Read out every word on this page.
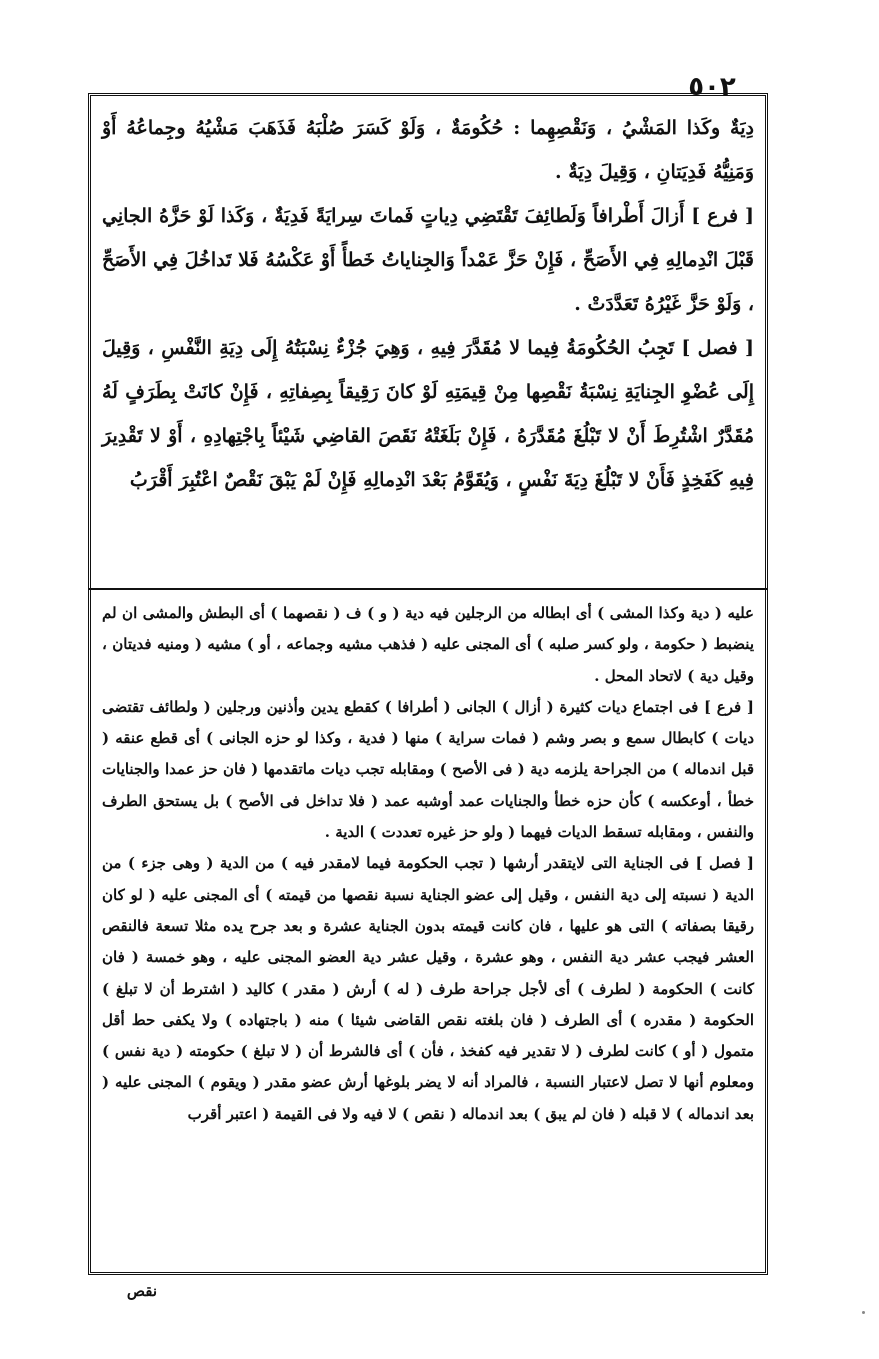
٥٠٢

دِيَةٌ وكَذا المَشْيُ ، وَنَقْصِهِما : حُكُومَةٌ ، وَلَوْ كَسَرَ صُلْبَهُ فَذَهَبَ مَشْيُهُ وجِماعُهُ أَوْ وَمَنِيُّهُ فَدِيَتانِ ، وَقِيلَ دِيَةٌ .

[ فرع ] أَزالَ أَطْرافاً وَلَطائِفَ تَقْتَضِي دِياتٍ فَماتَ سِرايَةً فَدِيَةٌ ، وَكَذا لَوْ حَزَّهُ الجانِي قَبْلَ انْدِمالِهِ فِي الأَصَحِّ ، فَإِنْ حَزَّ عَمْداً وَالجِناياتُ خَطأً أَوْ عَكْسُهُ فَلا تَداخُلَ فِي الأَصَحِّ ، وَلَوْ حَزَّ غَيْرُهُ تَعَدَّدَتْ .

[ فصل ] تَجِبُ الحُكُومَةُ فِيما لا مُقَدَّرَ فِيهِ ، وَهِيَ جُزْءٌ نِسْبَتُهُ إِلَى دِيَةِ النَّفْسِ ، وَقِيلَ إِلَى عُضْوِ الجِنايَةِ نِسْبَةُ نَقْصِها مِنْ قِيمَتِهِ لَوْ كانَ رَقِيقاً بِصِفاتِهِ ، فَإِنْ كانَتْ بِطَرَفٍ لَهُ مُقَدَّرٌ اشْتُرِطَ أَنْ لا تَبْلُغَ مُقَدَّرَهُ ، فَإِنْ بَلَغَتْهُ نَقَصَ القاضِي شَيْئاً بِاجْتِهادِهِ ، أَوْ لا تَقْدِيرَ فِيهِ كَفَخِذٍ فَأَنْ لا تَبْلُغَ دِيَةَ نَفْسٍ ، وَيُقَوَّمُ بَعْدَ انْدِمالِهِ فَإِنْ لَمْ يَبْقَ نَقْصٌ اعْتُبِرَ أَقْرَبُ

عليه ( دية وكذا المشى ) أى ابطاله من الرجلين فيه دية ( و ) ف ( نقصهما ) أى البطش والمشى ان لم ينضبط ( حكومة ، ولو كسر صلبه ) أى المجنى عليه ( فذهب مشيه وجماعه ، أو ) مشيه ( ومنيه فديتان ، وقيل دية ) لاتحاد المحل .

[ فرع ] فى اجتماع ديات كثيرة ( أزال ) الجانى ( أطرافا ) كقطع يدين وأذنين ورجلين ( ولطائف تقتضى ديات ) كابطال سمع و بصر وشم ( فمات سراية ) منها ( فدية ، وكذا لو حزه الجانى ) أى قطع عنقه ( قبل اندماله ) من الجراحة يلزمه دية ( فى الأصح ) ومقابله تجب ديات ماتقدمها ( فان حز عمدا والجنايات خطأ ، أوعكسه ) كأن حزه خطأ والجنايات عمد أوشبه عمد ( فلا تداخل فى الأصح ) بل يستحق الطرف والنفس ، ومقابله تسقط الديات فيهما ( ولو حز غيره تعددت ) الدية .

[ فصل ] فى الجناية التى لايتقدر أرشها ( تجب الحكومة فيما لامقدر فيه ) من الدية ( وهى جزء ) من الدية ( نسبته إلى دية النفس ، وقيل إلى عضو الجناية نسبة نقصها من قيمته ) أى المجنى عليه ( لو كان رقيقا بصفاته ) التى هو عليها ، فان كانت قيمته بدون الجناية عشرة و بعد جرح يده مثلا تسعة فالنقص العشر فيجب عشر دية النفس ، وهو عشرة ، وقيل عشر دية العضو المجنى عليه ، وهو خمسة ( فان كانت ) الحكومة ( لطرف ) أى لأجل جراحة طرف ( له ) أرش ( مقدر ) كاليد ( اشترط أن لا تبلغ ) الحكومة ( مقدره ) أى الطرف ( فان بلغته نقص القاضى شيئا ) منه ( باجتهاده ) ولا يكفى حط أقل متمول ( أو ) كانت لطرف ( لا تقدير فيه كفخذ ، فأن ) أى فالشرط أن ( لا تبلغ ) حكومته ( دية نفس ) ومعلوم أنها لا تصل لاعتبار النسبة ، فالمراد أنه لا يضر بلوغها أرش عضو مقدر ( ويقوم ) المجنى عليه ( بعد اندماله ) لا قبله ( فان لم يبق ) بعد اندماله ( نقص ) لا فيه ولا فى القيمة ( اعتبر أقرب

نقص
